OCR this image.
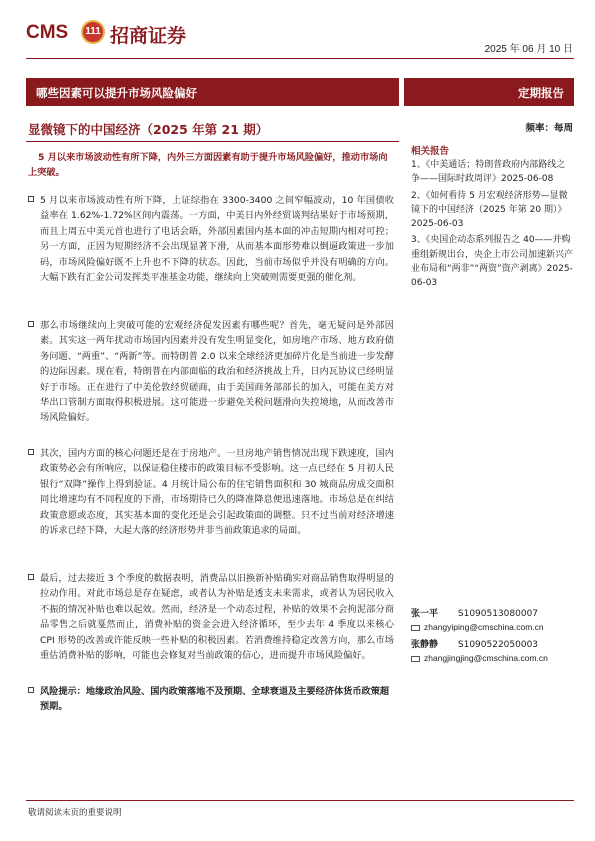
CMS	111 招商证券
2025 年 06 月 10 日
哪些因素可以提升市场风险偏好	定期报告
显微镜下的中国经济（2025 年第 21 期）	频率：每周
5 月以来市场波动性有所下降，内外三方面因素有助于提升市场风险偏好，推动市场向上突破。
5 月以来市场波动性有所下降，上证综指在 3300-3400 之间窄幅波动，10 年国债收益率在 1.62%-1.72%区间内震荡。一方面，中美日内外经贸谈判结果好于市场预期，而且上周五中美元首也进行了电话会晤，外部因素国内基本面的冲击短期内相对可控；另一方面，正因为短期经济不会出现显著下滑，从而基本面形势难以倒逼政策进一步加码，市场风险偏好既不上升也不下降的状态。因此，当前市场似乎并没有明确的方向。大幅下跌有汇金公司发挥类平准基金功能，继续向上突破则需要更强的催化剂。
那么市场继续向上突破可能的宏观经济促发因素有哪些呢？首先，毫无疑问是外部因素。其实这一两年扰动市场国内因素并没有发生明显变化，如房地产市场、地方政府债务问题、“两重”、“两新”等。而特朗普 2.0 以来全球经济更加碎片化是当前进一步发酵的边际因素。现在看，特朗普在内部面临的政治和经济挑战上升，日内瓦协议已经明显好于市场。正在进行了中美伦敦经贸磋商，由于美国商务部部长的加入，可能在美方对华出口管制方面取得积极进展。这可能进一步避免关税问题滑向失控境地，从而改善市场风险偏好。
其次，国内方面的核心问题还是在于房地产。一旦房地产销售情况出现下跌速度，国内政策势必会有所响应，以保证稳住楼市的政策目标不受影响。这一点已经在 5 月初人民银行“双降”操作上得到验证。4 月统计局公布的住宅销售面积和 30 城商品房成交面积同比增速均有不同程度的下滑，市场期待已久的降准降息便迅速落地。市场总是在纠结政策意愿或态度，其实基本面的变化还是会引起政策面的调整。只不过当前对经济增速的诉求已经下降，大起大落的经济形势并非当前政策追求的局面。
最后，过去接近 3 个季度的数据表明，消费品以旧换新补贴确实对商品销售取得明显的拉动作用。对此市场总是存在疑虑，或者认为补贴是透支未来需求，或者认为居民收入不振的情况补贴也难以起效。然而，经济是一个动态过程，补贴的效果不会拘泥部分商品零售之后就戛然而止，消费补贴的资金会进入经济循环，至少去年 4 季度以来核心 CPI 形势的改善或许能反映一些补贴的积极因素。若消费维持稳定改善方向，那么市场重估消费补贴的影响，可能也会修复对当前政策的信心，进而提升市场风险偏好。
风险提示：地缘政治风险、国内政策落地不及预期、全球衰退及主要经济体货币政策超预期。
相关报告
1、《中美通话；特朗普政府内部路线之争——国际时政周评》2025-06-08
2、《如何看待 5 月宏观经济形势—显微镜下的中国经济（2025 年第 20 期）》2025-06-03
3、《央国企动态系列报告之 40——并购重组新规出台，央企上市公司加速新兴产业布局和“两非”“两资”资产剥离》2025-06-03
张一平 S1090513080007
zhangyiping@cmschina.com.cn
张静静 S1090522050003
zhangjingjing@cmschina.com.cn
敬请阅读末页的重要说明
